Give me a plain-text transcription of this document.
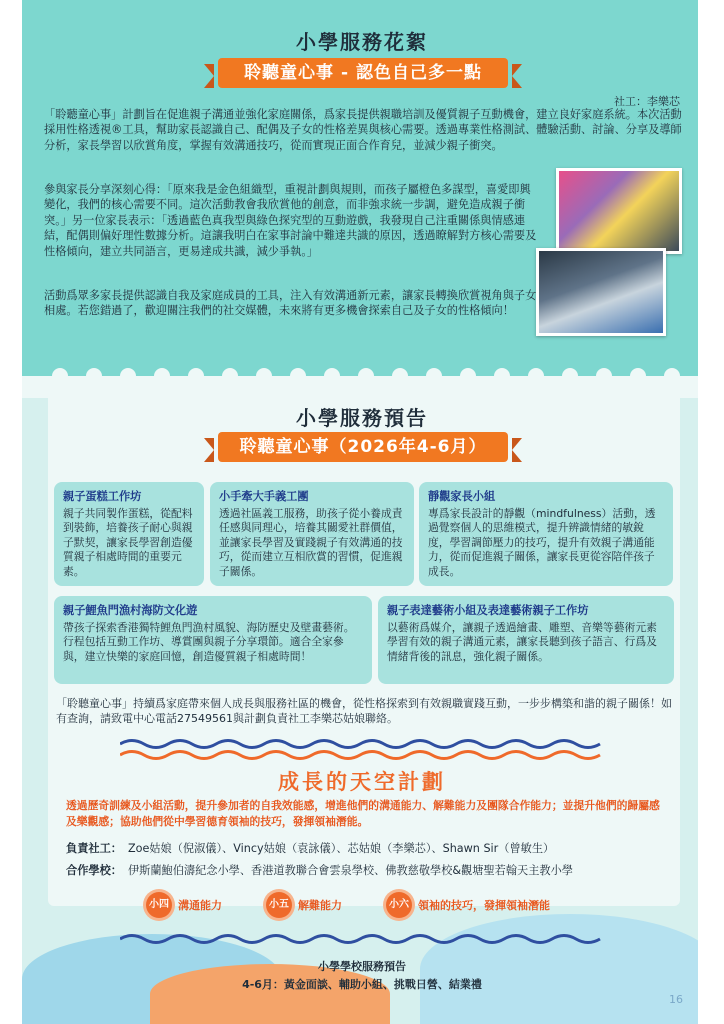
小學服務花絮
聆聽童心事 - 認色自己多一點
社工：李樂芯
「聆聽童心事」計劃旨在促進親子溝通並強化家庭關係，爲家長提供親職培訓及優質親子互動機會，建立良好家庭系統。本次活動採用性格透視®工具，幫助家長認識自己、配偶及子女的性格差異與核心需要。透過專業性格測試、體驗活動、討論、分享及導師分析，家長學習以欣賞角度，掌握有效溝通技巧，從而實現正面合作育兒，並減少親子衝突。
參與家長分享深刻心得：「原來我是金色組織型，重視計劃與規則，而孩子屬橙色多謀型，喜愛即興變化，我們的核心需要不同。這次活動教會我欣賞他的創意，而非強求統一步調，避免造成親子衝突。」另一位家長表示：「透過藍色真我型與綠色探究型的互動遊戲，我發現自己注重關係與情感連結，配偶則偏好理性數據分析。這讓我明白在家事討論中難達共識的原因，透過瞭解對方核心需要及性格傾向，建立共同語言，更易達成共識，減少爭執。」
活動爲眾多家長提供認識自我及家庭成員的工具，注入有效溝通新元素，讓家長轉換欣賞視角與子女相處。若您錯過了，歡迎關注我們的社交媒體，未來將有更多機會探索自己及子女的性格傾向！
小學服務預告
聆聽童心事（2026年4-6月）
親子蛋糕工作坊

親子共同製作蛋糕，從配料到裝飾，培養孩子耐心與親子默契，讓家長學習創造優質親子相處時間的重要元素。

小手牽大手義工團

透過社區義工服務，助孩子從小養成責任感與同理心，培養其關愛社群價值，並讓家長學習及實踐親子有效溝通的技巧，從而建立互相欣賞的習慣，促進親子關係。

靜觀家長小組

專爲家長設計的靜觀（mindfulness）活動，透過覺察個人的思維模式，提升辨識情緒的敏銳度，學習調節壓力的技巧，提升有效親子溝通能力，從而促進親子關係，讓家長更從容陪伴孩子成長。

親子鯉魚門漁村海防文化遊

帶孩子探索香港獨特鯉魚門漁村風貌、海防歷史及壁畫藝術。行程包括互動工作坊、導賞團與親子分享環節。適合全家參與，建立快樂的家庭回憶，創造優質親子相處時間！

親子表達藝術小組及表達藝術親子工作坊

以藝術爲媒介，讓親子透過繪畫、雕塑、音樂等藝術元素學習有效的親子溝通元素，讓家長聽到孩子語言、行爲及情緒背後的訊息，強化親子關係。

「聆聽童心事」持續爲家庭帶來個人成長與服務社區的機會，從性格探索到有效親職實踐互動，一步步構築和諧的親子關係！如有查詢，請致電中心電話27549561與計劃負責社工李樂芯姑娘聯絡。
成長的天空計劃
透過歷奇訓練及小組活動，提升參加者的自我效能感，增進他們的溝通能力、解難能力及團隊合作能力；並提升他們的歸屬感及樂觀感；協助他們從中學習德育領袖的技巧，發揮領袖潛能。
負責社工： Zoe姑娘（倪淑儀）、Vincy姑娘（袁詠儀）、芯姑娘（李樂芯）、Shawn Sir（曾敏生）
合作學校： 伊斯蘭鮑伯濤紀念小學、香港道教聯合會雲泉學校、佛教慈敬學校&觀塘聖若翰天主教小學
小四 溝通能力	小五 解難能力	小六 領袖的技巧，發揮領袖潛能
小學學校服務預告
4-6月：黃金面談、輔助小組、挑戰日營、結業禮
16
